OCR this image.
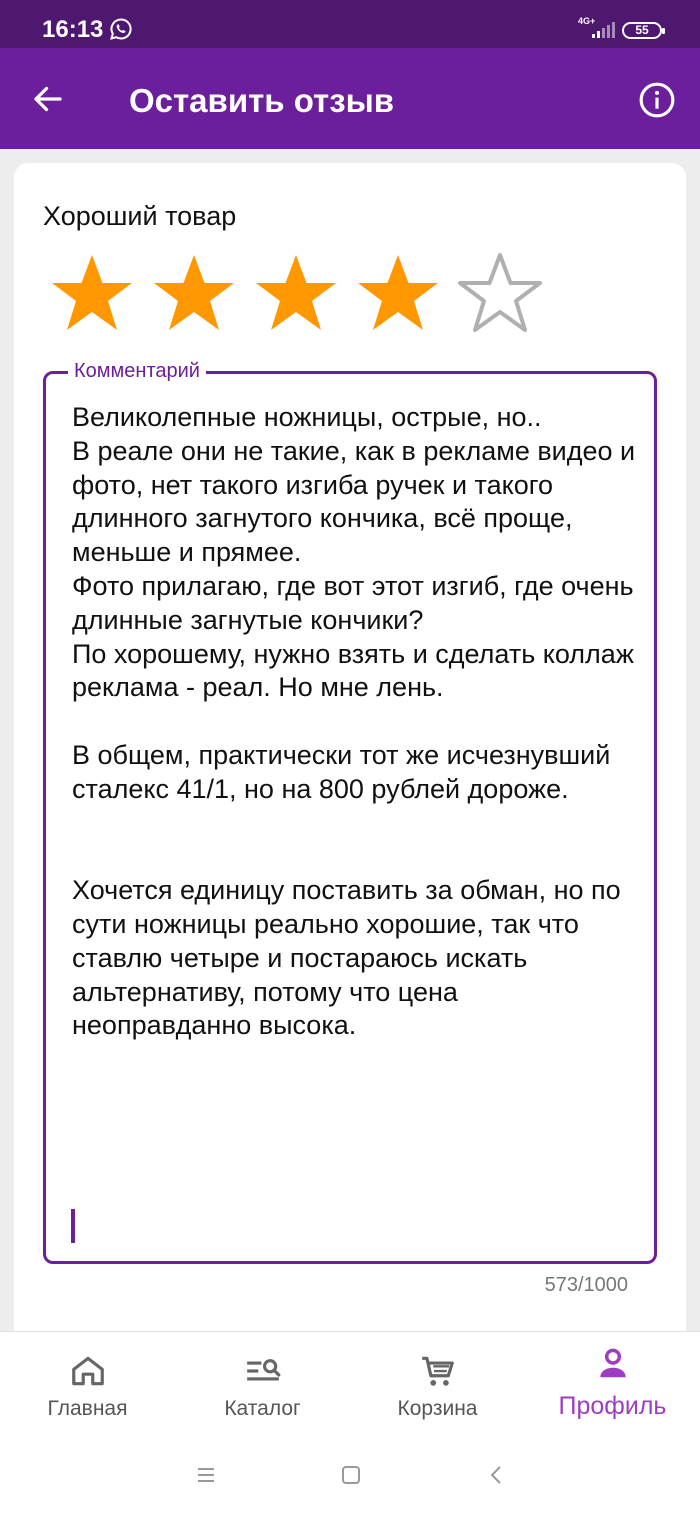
16:13	4G+
55
Оставить отзыв
Хороший товар
Комментарий
Великолепные ножницы, острые, но..
В реале они не такие, как в рекламе видео и фото, нет такого изгиба ручек и такого длинного загнутого кончика, всё проще, меньше и прямее.
Фото прилагаю, где вот этот изгиб, где очень длинные загнутые кончики?
По хорошему, нужно взять и сделать коллаж реклама - реал. Но мне лень.

В общем, практически тот же исчезнувший сталекс 41/1, но на 800 рублей дороже.

Хочется единицу поставить за обман, но по сути ножницы реально хорошие, так что ставлю четыре и постараюсь искать альтернативу, потому что цена неоправданно высока.
573/1000
Главная	Каталог	Корзина	Профиль
